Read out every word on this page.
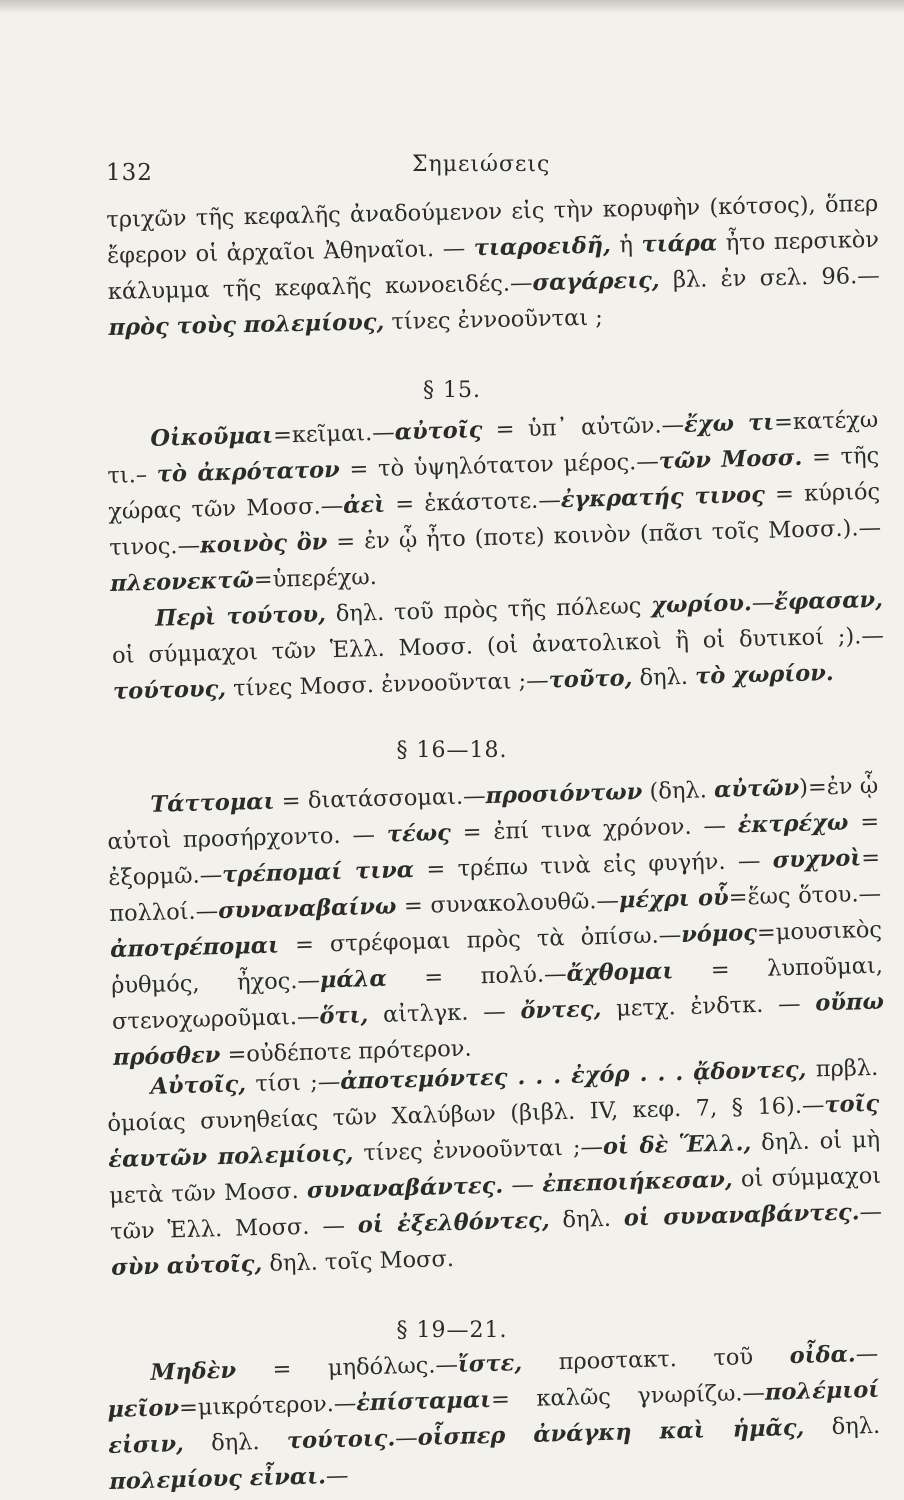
132	Σημειώσεις

τριχῶν τῆς κεφαλῆς ἀναδούμενον εἰς τὴν κορυφὴν (κότσος), ὅπερ ἔφερον οἱ ἀρχαῖοι Ἀθηναῖοι. — τιαροειδῆ, ἡ τιάρα ἦτο περσικὸν κάλυμμα τῆς κεφαλῆς κωνοειδές.—σαγάρεις, βλ. ἐν σελ. 96.—πρὸς τοὺς πολεμίους, τίνες ἐννοοῦνται ;

§ 15.

Οἰκοῦμαι=κεῖμαι.—αὐτοῖς = ὑπ᾽ αὐτῶν.—ἔχω τι=κατέχω τι.– τὸ ἀκρότατον = τὸ ὑψηλότατον μέρος.—τῶν Μοσσ. = τῆς χώρας τῶν Μοσσ.—ἀεὶ = ἑκάστοτε.—ἐγκρατής τινος = κύριός τινος.—κοινὸς ὂν = ἐν ᾧ ἦτο (ποτε) κοινὸν (πᾶσι τοῖς Μοσσ.).—πλεονεκτῶ=ὑπερέχω.

Περὶ τούτου, δηλ. τοῦ πρὸς τῆς πόλεως χωρίου.—ἔφασαν, οἱ σύμμαχοι τῶν Ἑλλ. Μοσσ. (οἱ ἀνατολικοὶ ἢ οἱ δυτικοί ;).—τούτους, τίνες Μοσσ. ἐννοοῦνται ;—τοῦτο, δηλ. τὸ χωρίον.

§ 16—18.

Τάττομαι = διατάσσομαι.—προσιόντων (δηλ. αὐτῶν)=ἐν ᾧ αὐτοὶ προσήρχοντο. — τέως = ἐπί τινα χρόνον. — ἐκτρέχω = ἐξορμῶ.—τρέπομαί τινα = τρέπω τινὰ εἰς φυγήν. — συχνοὶ= πολλοί.—συναναβαίνω = συνακολουθῶ.—μέχρι οὗ=ἕως ὅτου.—ἀποτρέπομαι = στρέφομαι πρὸς τὰ ὀπίσω.—νόμος=μουσικὸς ῥυθμός, ἦχος.—μάλα = πολύ.—ἄχθομαι = λυποῦμαι, στενοχωροῦμαι.—ὅτι, αἰτλγκ. — ὄντες, μετχ. ἐνδτκ. — οὔπω πρόσθεν =οὐδέποτε πρότερον.

Αὐτοῖς, τίσι ;—ἀποτεμόντες . . . ἐχόρ . . . ᾄδοντες, πρβλ. ὁμοίας συνηθείας τῶν Χαλύβων (βιβλ. IV, κεφ. 7, § 16).—τοῖς ἑαυτῶν πολεμίοις, τίνες ἐννοοῦνται ;—οἱ δὲ Ἕλλ., δηλ. οἱ μὴ μετὰ τῶν Μοσσ. συναναβάντες. — ἐπεποιήκεσαν, οἱ σύμμαχοι τῶν Ἑλλ. Μοσσ. — οἱ ἐξελθόντες, δηλ. οἱ συναναβάντες.—σὺν αὐτοῖς, δηλ. τοῖς Μοσσ.

§ 19—21.

Μηδὲν = μηδόλως.—ἴστε, προστακτ. τοῦ οἶδα.—μεῖον=μικρότερον.—ἐπίσταμαι= καλῶς γνωρίζω.—πολέμιοί εἰσιν, δηλ. τούτοις.—οἷσπερ ἀνάγκη καὶ ἡμᾶς, δηλ. πολεμίους εἶναι.—
